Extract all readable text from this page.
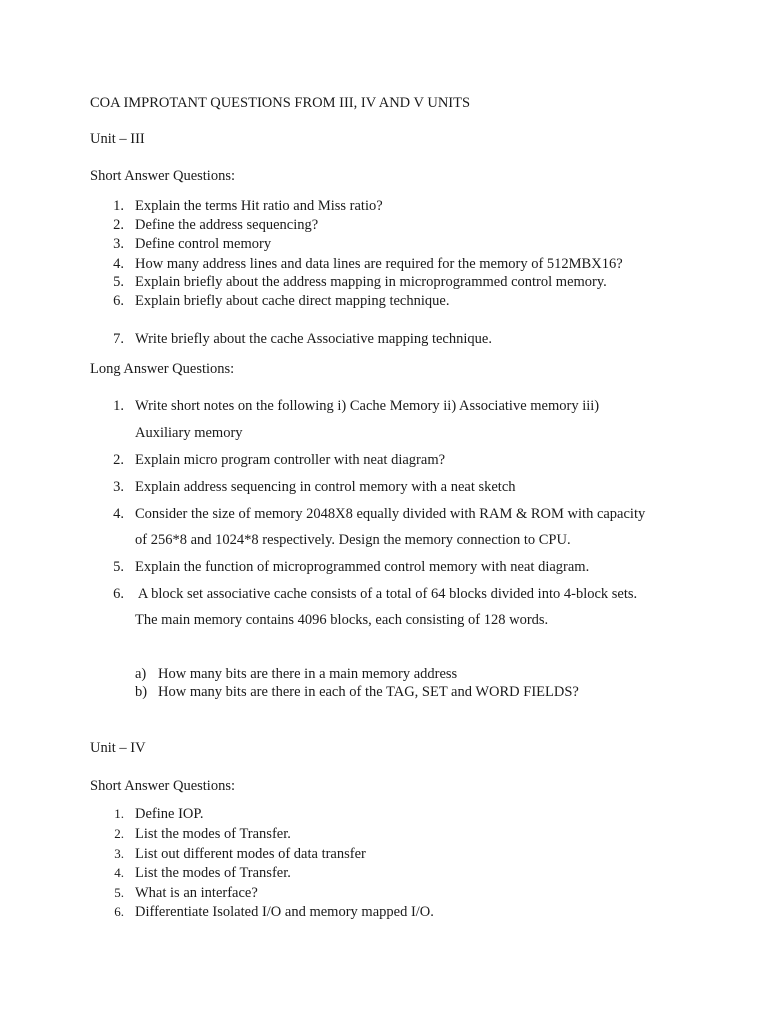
COA IMPROTANT QUESTIONS FROM III, IV AND V UNITS
Unit – III
Short Answer Questions:
1. Explain the terms Hit ratio and Miss ratio?
2. Define the address sequencing?
3. Define control memory
4. How many address lines and data lines are required for the memory of 512MBX16?
5. Explain briefly about the address mapping in microprogrammed control memory.
6. Explain briefly about cache direct mapping technique.
7. Write briefly about the cache Associative mapping technique.
Long Answer Questions:
1. Write short notes on the following i) Cache Memory ii) Associative memory iii)
Auxiliary memory
2. Explain micro program controller with neat diagram?
3. Explain address sequencing in control memory with a neat sketch
4. Consider the size of memory 2048X8 equally divided with RAM & ROM with capacity
of 256*8 and 1024*8 respectively. Design the memory connection to CPU.
5. Explain the function of microprogrammed control memory with neat diagram.
6. A block set associative cache consists of a total of 64 blocks divided into 4-block sets.
The main memory contains 4096 blocks, each consisting of 128 words.
a) How many bits are there in a main memory address
b) How many bits are there in each of the TAG, SET and WORD FIELDS?
Unit – IV
Short Answer Questions:
1. Define IOP.
2. List the modes of Transfer.
3. List out different modes of data transfer
4. List the modes of Transfer.
5. What is an interface?
6. Differentiate Isolated I/O and memory mapped I/O.
